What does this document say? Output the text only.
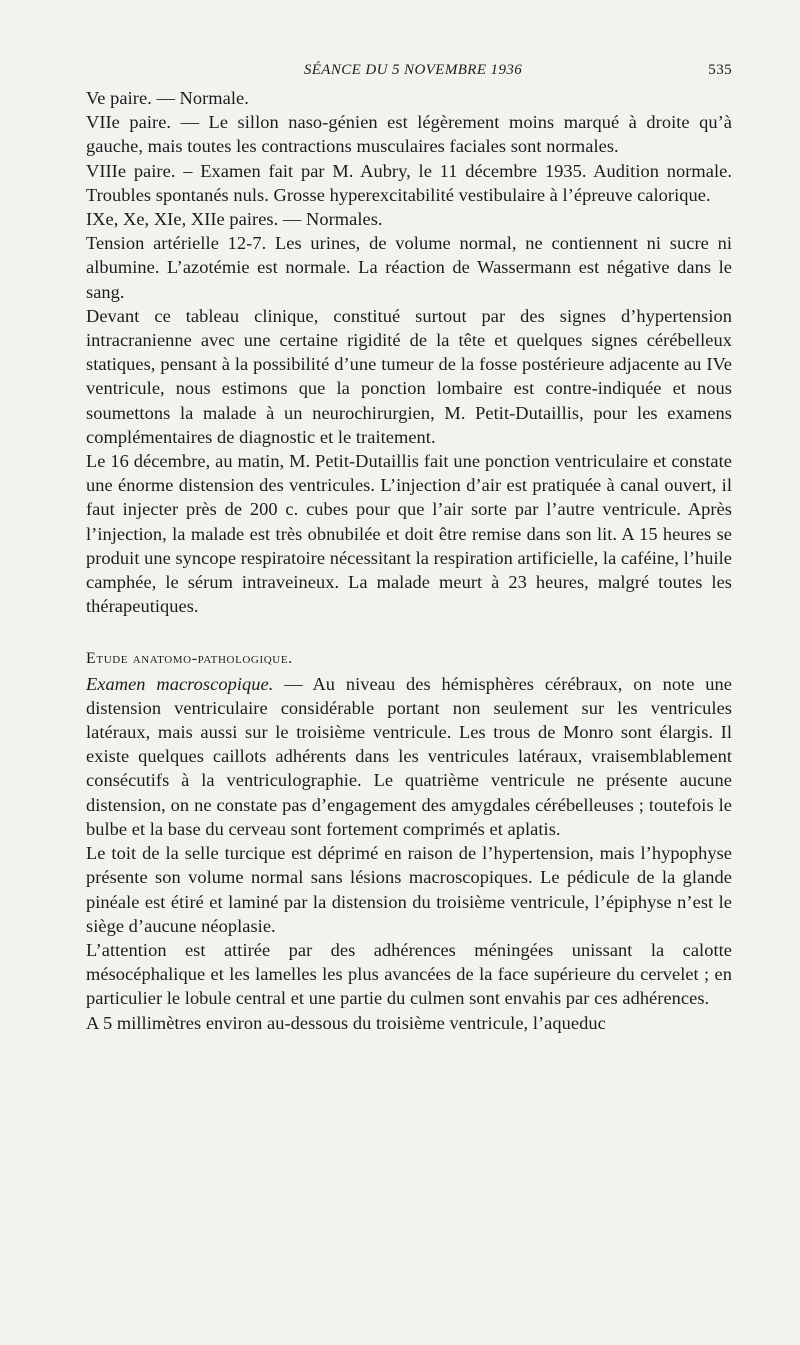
SÉANCE DU 5 NOVEMBRE 1936	535

Ve paire. — Normale.

VIIe paire. — Le sillon naso-génien est légèrement moins marqué à droite qu’à gauche, mais toutes les contractions musculaires faciales sont normales.

VIIIe paire. – Examen fait par M. Aubry, le 11 décembre 1935. Audition normale. Troubles spontanés nuls. Grosse hyperexcitabilité vestibulaire à l’épreuve calorique.

IXe, Xe, XIe, XIIe paires. — Normales.

Tension artérielle 12-7. Les urines, de volume normal, ne contiennent ni sucre ni albumine. L’azotémie est normale. La réaction de Wassermann est négative dans le sang.

Devant ce tableau clinique, constitué surtout par des signes d’hypertension intracranienne avec une certaine rigidité de la tête et quelques signes cérébelleux statiques, pensant à la possibilité d’une tumeur de la fosse postérieure adjacente au IVe ventricule, nous estimons que la ponction lombaire est contre-indiquée et nous soumettons la malade à un neurochirurgien, M. Petit-Dutaillis, pour les examens complémentaires de diagnostic et le traitement.

Le 16 décembre, au matin, M. Petit-Dutaillis fait une ponction ventriculaire et constate une énorme distension des ventricules. L’injection d’air est pratiquée à canal ouvert, il faut injecter près de 200 c. cubes pour que l’air sorte par l’autre ventricule. Après l’injection, la malade est très obnubilée et doit être remise dans son lit. A 15 heures se produit une syncope respiratoire nécessitant la respiration artificielle, la caféine, l’huile camphée, le sérum intraveineux. La malade meurt à 23 heures, malgré toutes les thérapeutiques.

Etude anatomo-pathologique.

Examen macroscopique. — Au niveau des hémisphères cérébraux, on note une distension ventriculaire considérable portant non seulement sur les ventricules latéraux, mais aussi sur le troisième ventricule. Les trous de Monro sont élargis. Il existe quelques caillots adhérents dans les ventricules latéraux, vraisemblablement consécutifs à la ventriculographie. Le quatrième ventricule ne présente aucune distension, on ne constate pas d’engagement des amygdales cérébelleuses ; toutefois le bulbe et la base du cerveau sont fortement comprimés et aplatis.

Le toit de la selle turcique est déprimé en raison de l’hypertension, mais l’hypophyse présente son volume normal sans lésions macroscopiques. Le pédicule de la glande pinéale est étiré et laminé par la distension du troisième ventricule, l’épiphyse n’est le siège d’aucune néoplasie.

L’attention est attirée par des adhérences méningées unissant la calotte mésocéphalique et les lamelles les plus avancées de la face supérieure du cervelet ; en particulier le lobule central et une partie du culmen sont envahis par ces adhérences.

A 5 millimètres environ au-dessous du troisième ventricule, l’aqueduc
